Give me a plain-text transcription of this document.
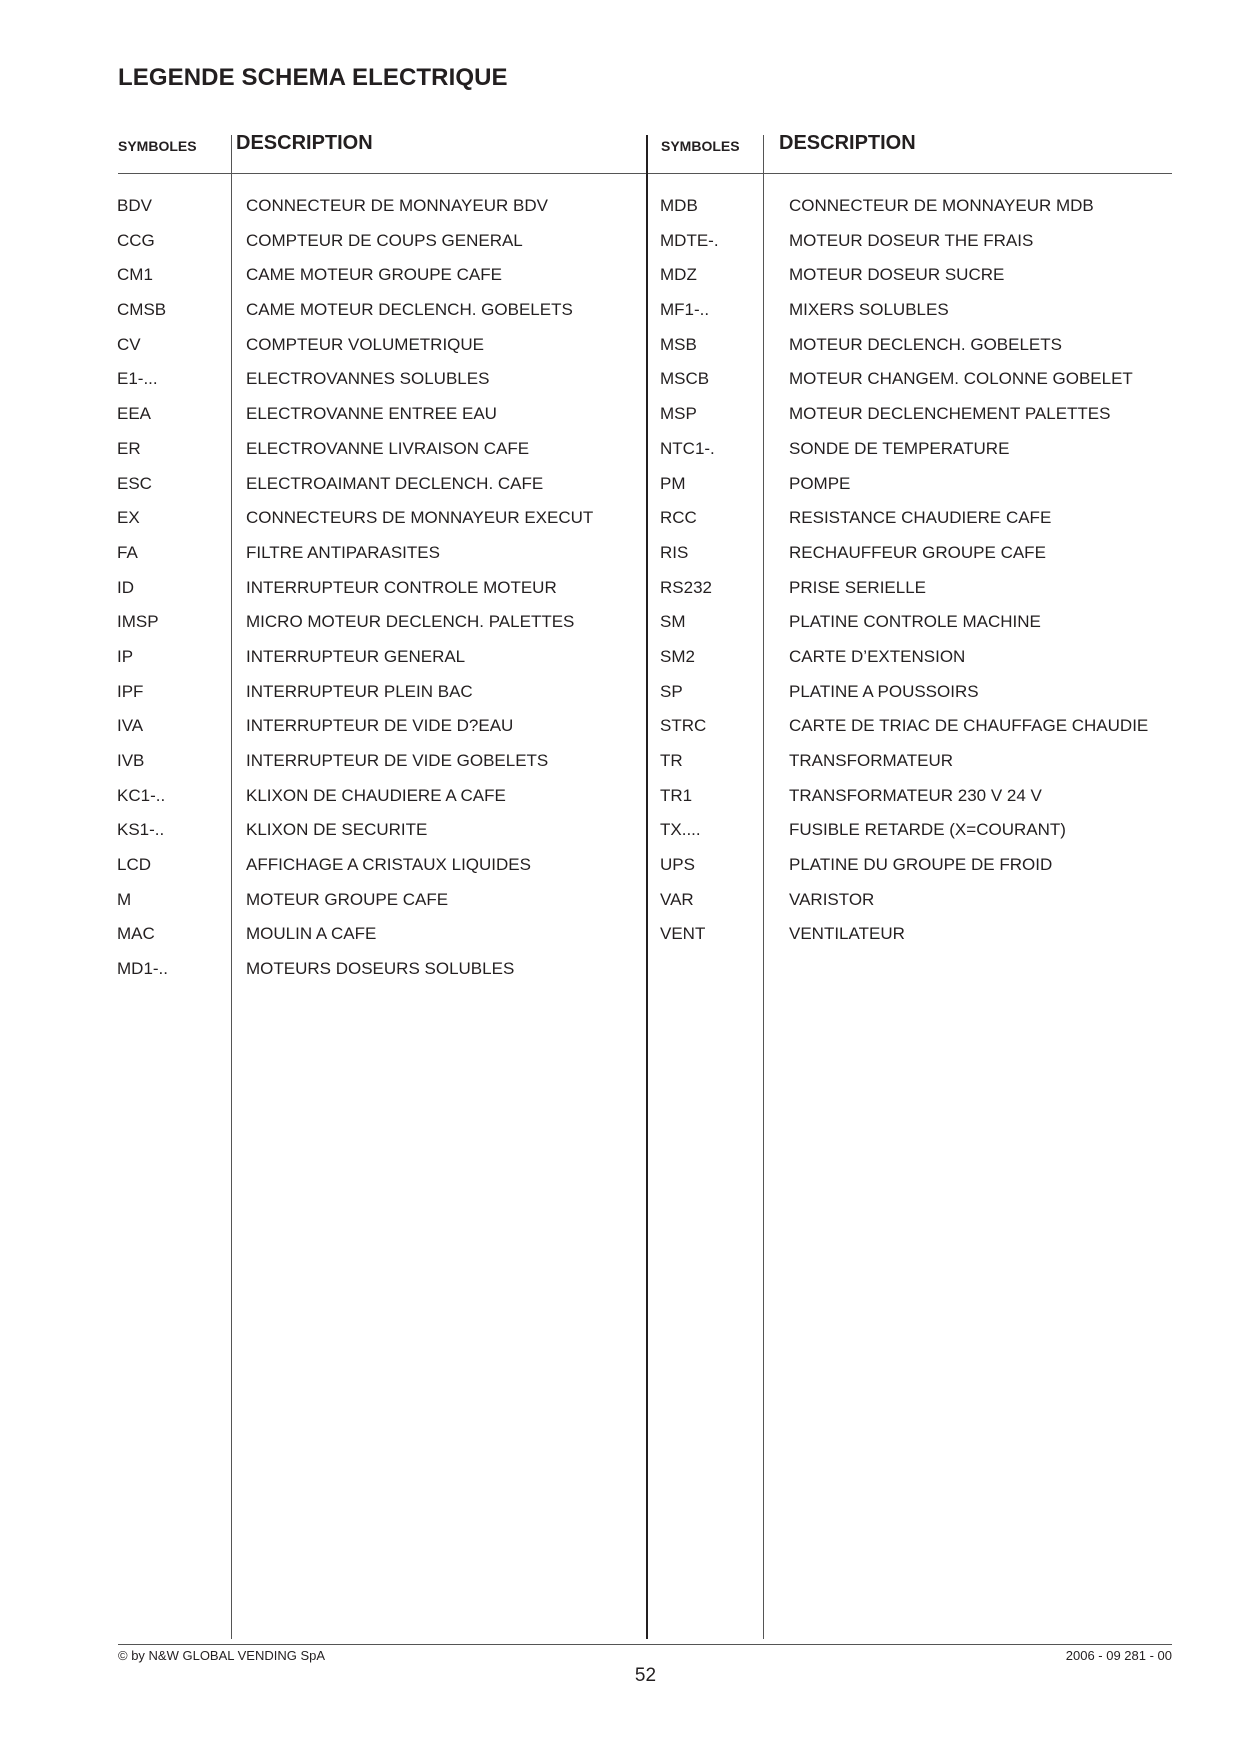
LEGENDE SCHEMA ELECTRIQUE
SYMBOLES DESCRIPTION	SYMBOLES DESCRIPTION
BDV
CCG
CM1
CMSB
CV
E1-...
EEA
ER
ESC
EX
FA
ID
IMSP
IP
IPF
IVA
IVB
KC1-..
KS1-..
LCD
M
MAC
MD1-..
CONNECTEUR DE MONNAYEUR BDV
COMPTEUR DE COUPS GENERAL
CAME MOTEUR GROUPE CAFE
CAME MOTEUR DECLENCH. GOBELETS
COMPTEUR VOLUMETRIQUE
ELECTROVANNES SOLUBLES
ELECTROVANNE ENTREE EAU
ELECTROVANNE LIVRAISON CAFE
ELECTROAIMANT DECLENCH. CAFE
CONNECTEURS DE MONNAYEUR EXECUT
FILTRE ANTIPARASITES
INTERRUPTEUR CONTROLE MOTEUR
MICRO MOTEUR DECLENCH. PALETTES
INTERRUPTEUR GENERAL
INTERRUPTEUR PLEIN BAC
INTERRUPTEUR DE VIDE D?EAU
INTERRUPTEUR DE VIDE GOBELETS
KLIXON DE CHAUDIERE A CAFE
KLIXON DE SECURITE
AFFICHAGE A CRISTAUX LIQUIDES
MOTEUR GROUPE CAFE
MOULIN A CAFE
MOTEURS DOSEURS SOLUBLES
MDB
MDTE-.
MDZ
MF1-..
MSB
MSCB
MSP
NTC1-.
PM
RCC
RIS
RS232
SM
SM2
SP
STRC
TR
TR1
TX....
UPS
VAR
VENT
CONNECTEUR DE MONNAYEUR MDB
MOTEUR DOSEUR THE FRAIS
MOTEUR DOSEUR SUCRE
MIXERS SOLUBLES
MOTEUR DECLENCH. GOBELETS
MOTEUR CHANGEM. COLONNE GOBELET
MOTEUR DECLENCHEMENT PALETTES
SONDE DE TEMPERATURE
POMPE
RESISTANCE CHAUDIERE CAFE
RECHAUFFEUR GROUPE CAFE
PRISE SERIELLE
PLATINE CONTROLE MACHINE
CARTE D’EXTENSION
PLATINE A POUSSOIRS
CARTE DE TRIAC DE CHAUFFAGE CHAUDIE
TRANSFORMATEUR
TRANSFORMATEUR 230 V 24 V
FUSIBLE RETARDE (X=COURANT)
PLATINE DU GROUPE DE FROID
VARISTOR
VENTILATEUR
© by N&W GLOBAL VENDING SpA	2006 - 09 281 - 00
52
